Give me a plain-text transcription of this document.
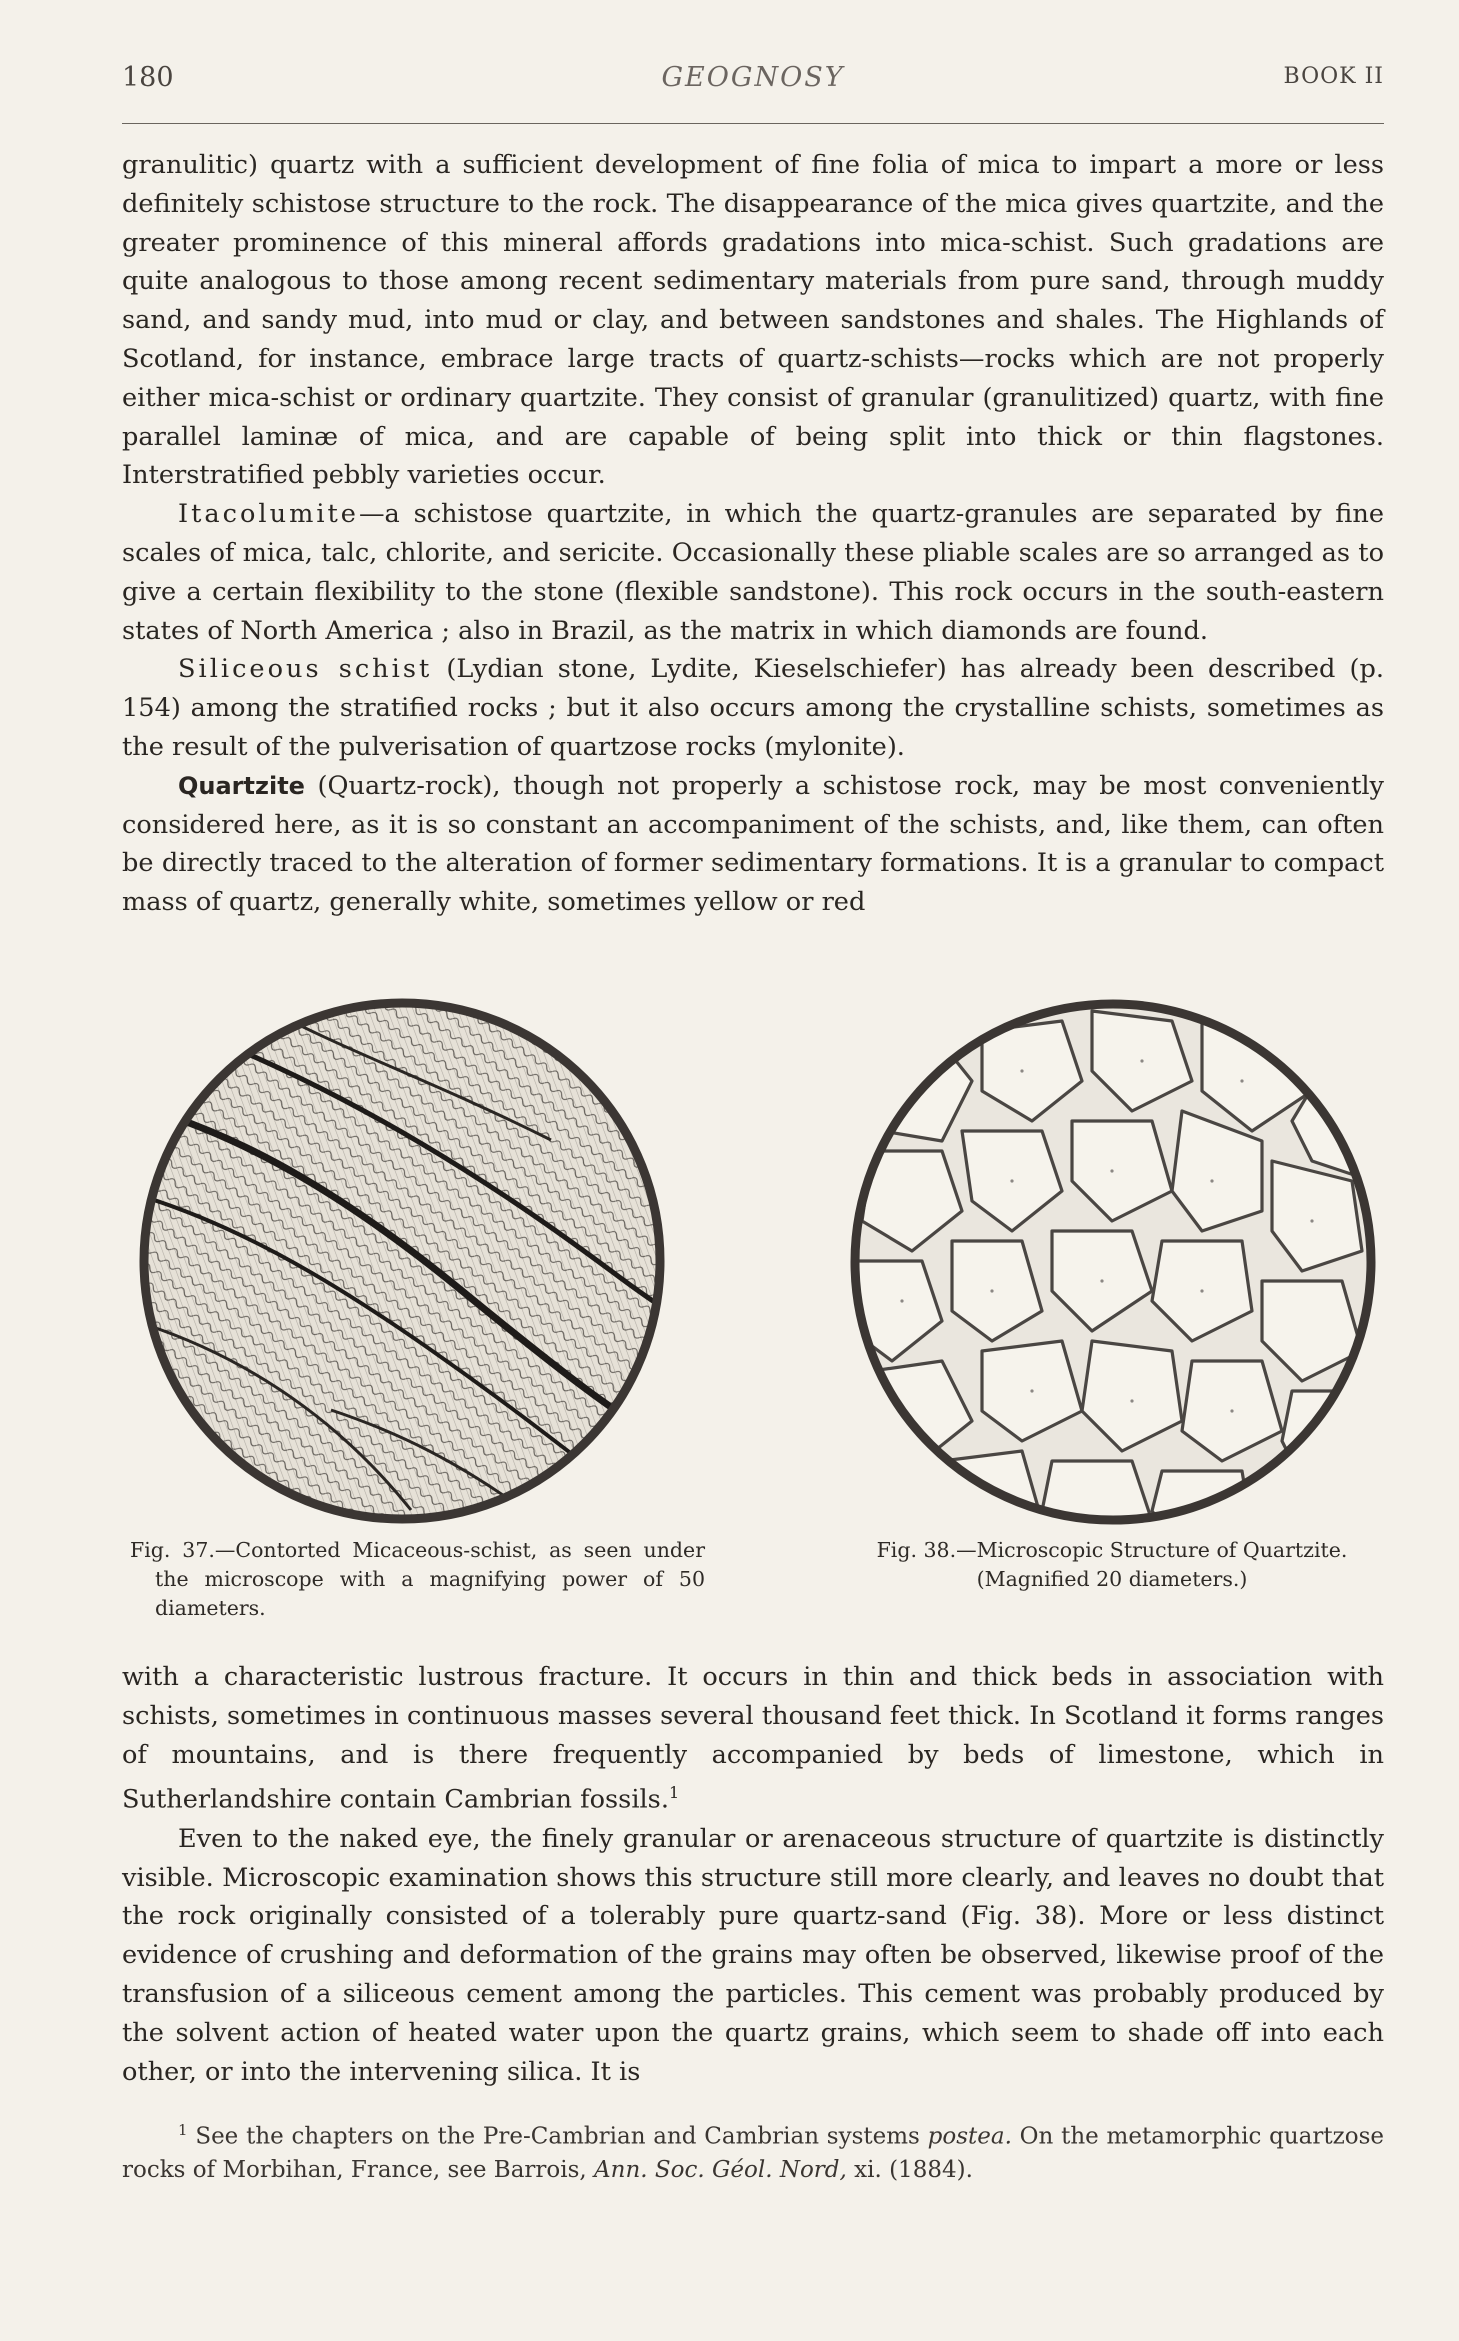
180	GEOGNOSY	BOOK II

granulitic) quartz with a sufficient development of fine folia of mica to impart a more or less definitely schistose structure to the rock. The disappearance of the mica gives quartzite, and the greater prominence of this mineral affords gradations into mica-schist. Such gradations are quite analogous to those among recent sedimentary materials from pure sand, through muddy sand, and sandy mud, into mud or clay, and between sandstones and shales. The Highlands of Scotland, for instance, embrace large tracts of quartz-schists—rocks which are not properly either mica-schist or ordinary quartzite. They consist of granular (granulitized) quartz, with fine parallel laminæ of mica, and are capable of being split into thick or thin flagstones. Interstratified pebbly varieties occur.

Itacolumite—a schistose quartzite, in which the quartz-granules are separated by fine scales of mica, talc, chlorite, and sericite. Occasionally these pliable scales are so arranged as to give a certain flexibility to the stone (flexible sandstone). This rock occurs in the south-eastern states of North America ; also in Brazil, as the matrix in which diamonds are found.

Siliceous schist (Lydian stone, Lydite, Kieselschiefer) has already been described (p. 154) among the stratified rocks ; but it also occurs among the crystalline schists, sometimes as the result of the pulverisation of quartzose rocks (mylonite).

Quartzite (Quartz-rock), though not properly a schistose rock, may be most conveniently considered here, as it is so constant an accompaniment of the schists, and, like them, can often be directly traced to the alteration of former sedimentary formations. It is a granular to compact mass of quartz, generally white, sometimes yellow or red

Fig. 37.—Contorted Micaceous-schist, as seen under the microscope with a magnifying power of 50 diameters.
Fig. 38.—Microscopic Structure of Quartzite. (Magnified 20 diameters.)

with a characteristic lustrous fracture. It occurs in thin and thick beds in association with schists, sometimes in continuous masses several thousand feet thick. In Scotland it forms ranges of mountains, and is there frequently accompanied by beds of limestone, which in Sutherlandshire contain Cambrian fossils.$^1$

Even to the naked eye, the finely granular or arenaceous structure of quartzite is distinctly visible. Microscopic examination shows this structure still more clearly, and leaves no doubt that the rock originally consisted of a tolerably pure quartz-sand (Fig. 38). More or less distinct evidence of crushing and deformation of the grains may often be observed, likewise proof of the transfusion of a siliceous cement among the particles. This cement was probably produced by the solvent action of heated water upon the quartz grains, which seem to shade off into each other, or into the intervening silica. It is

$^1$ See the chapters on the Pre-Cambrian and Cambrian systems postea. On the metamorphic quartzose rocks of Morbihan, France, see Barrois, Ann. Soc. Géol. Nord, xi. (1884).
